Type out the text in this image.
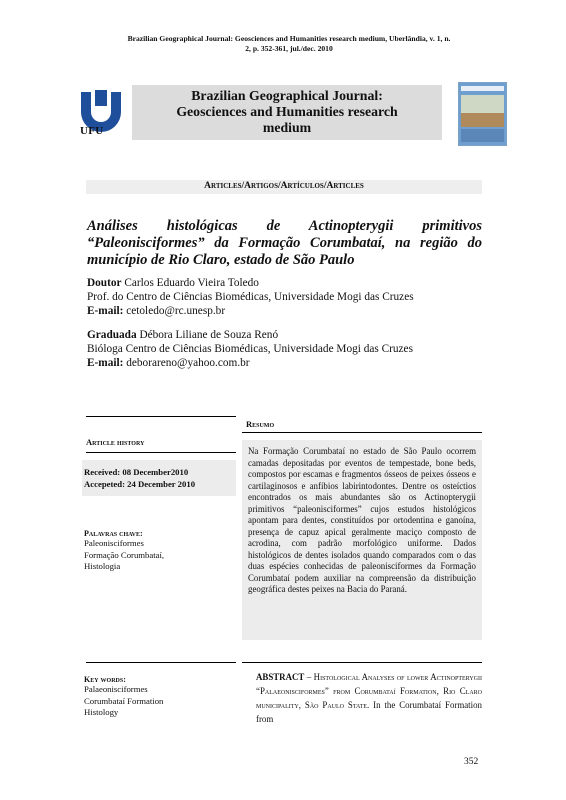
Brazilian Geographical Journal: Geosciences and Humanities research medium, Uberlândia, v. 1, n.
2, p. 352-361, jul./dec. 2010
UFU
Brazilian Geographical Journal:
Geosciences and Humanities research
medium
Articles/Artigos/Artículos/Articles
Análises histológicas de Actinopterygii primitivos “Paleonisciformes” da Formação Corumbataí, na região do município de Rio Claro, estado de São Paulo
Doutor Carlos Eduardo Vieira Toledo
Prof. do Centro de Ciências Biomédicas, Universidade Mogi das Cruzes
E-mail: cetoledo@rc.unesp.br
Graduada Débora Liliane de Souza Renó
Bióloga Centro de Ciências Biomédicas, Universidade Mogi das Cruzes
E-mail: deborareno@yahoo.com.br
Resumo
Article history
Na Formação Corumbataí no estado de São Paulo ocorrem camadas depositadas por eventos de tempestade, bone beds, compostos por escamas e fragmentos ósseos de peixes ósseos e cartilaginosos e anfíbios labirintodontes. Dentre os osteíctios encontrados os mais abundantes são os Actinopterygii primitivos “paleonisciformes” cujos estudos histológicos apontam para dentes, constituídos por ortodentina e ganoína, presença de capuz apical geralmente maciço composto de acrodina, com padrão morfológico uniforme. Dados histológicos de dentes isolados quando comparados com o das duas espécies conhecidas de paleonisciformes da Formação Corumbataí podem auxiliar na compreensão da distribuição geográfica destes peixes na Bacia do Paraná.
Received: 08 December2010
Accepeted: 24 December 2010
Palavras chave:
Paleonisciformes
Formação Corumbataí,
Histologia
Key words:
Palaeonisciformes
Corumbataí Formation
Histology
ABSTRACT – Histological Analyses of lower Actinopterygii “Palaeonisciformes” from Corumbataí Formation, Rio Claro municipality, São Paulo State. In the Corumbataí Formation from
352
